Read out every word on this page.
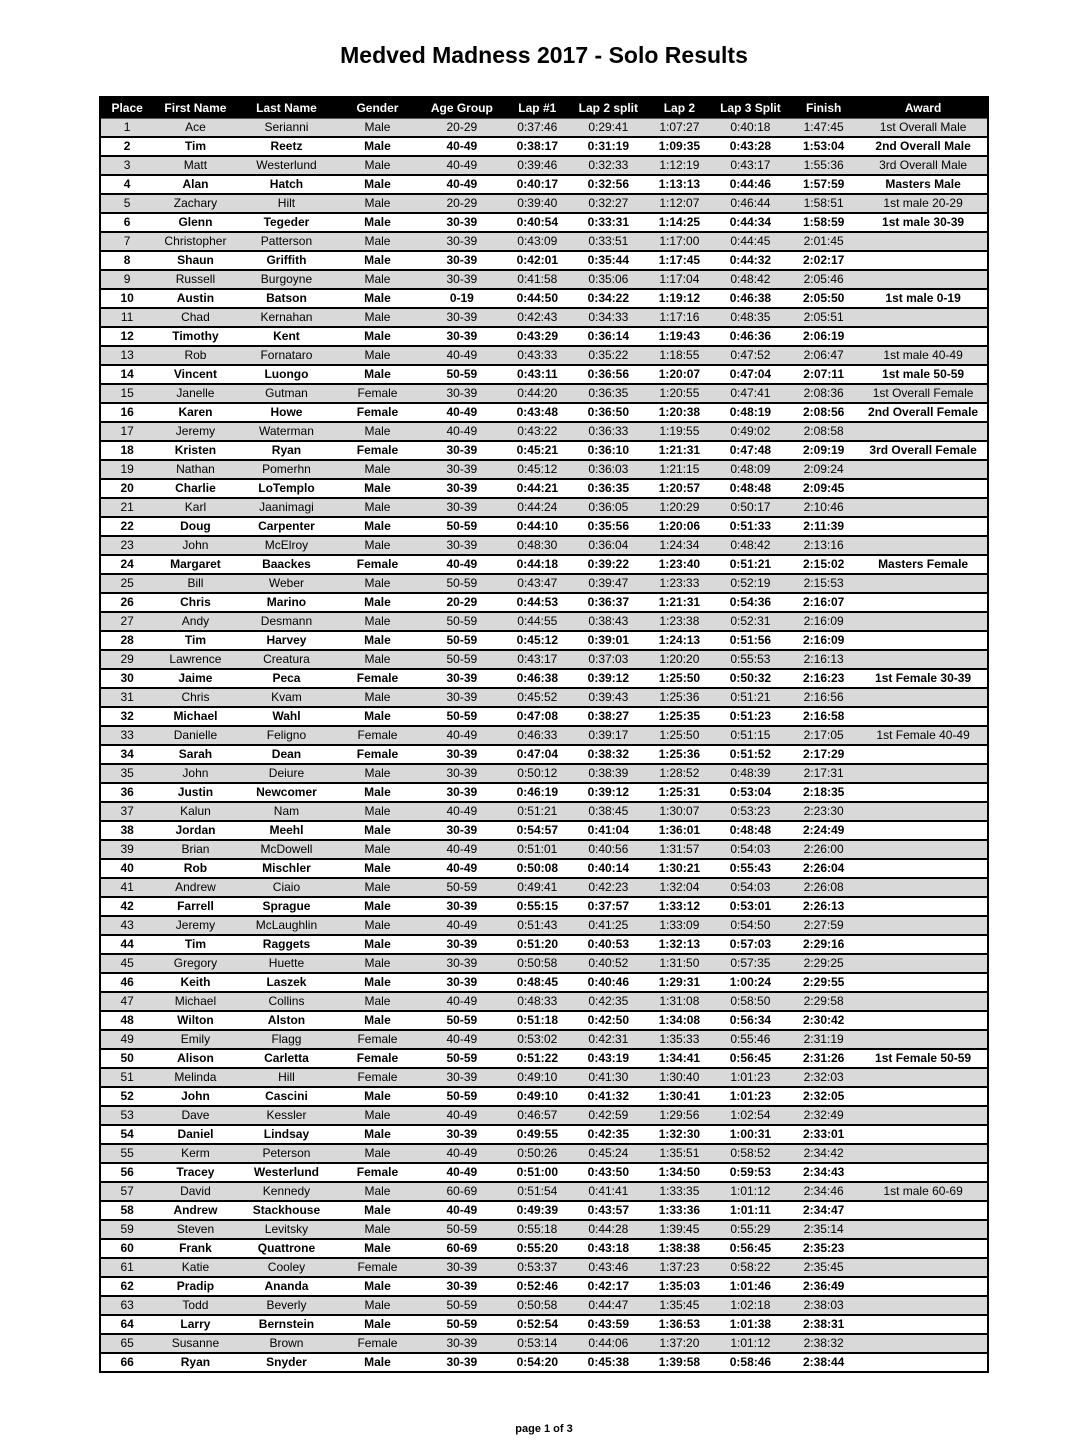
Medved Madness 2017 - Solo Results
Place	First Name	Last Name	Gender	Age Group	Lap #1	Lap 2 split	Lap 2	Lap 3 Split	Finish	Award
1	Ace	Serianni	Male	20-29	0:37:46	0:29:41	1:07:27	0:40:18	1:47:45	1st Overall Male
2	Tim	Reetz	Male	40-49	0:38:17	0:31:19	1:09:35	0:43:28	1:53:04	2nd Overall Male
3	Matt	Westerlund	Male	40-49	0:39:46	0:32:33	1:12:19	0:43:17	1:55:36	3rd Overall Male
4	Alan	Hatch	Male	40-49	0:40:17	0:32:56	1:13:13	0:44:46	1:57:59	Masters Male
5	Zachary	Hilt	Male	20-29	0:39:40	0:32:27	1:12:07	0:46:44	1:58:51	1st male 20-29
6	Glenn	Tegeder	Male	30-39	0:40:54	0:33:31	1:14:25	0:44:34	1:58:59	1st male 30-39
7	Christopher	Patterson	Male	30-39	0:43:09	0:33:51	1:17:00	0:44:45	2:01:45	
8	Shaun	Griffith	Male	30-39	0:42:01	0:35:44	1:17:45	0:44:32	2:02:17	
9	Russell	Burgoyne	Male	30-39	0:41:58	0:35:06	1:17:04	0:48:42	2:05:46	
10	Austin	Batson	Male	0-19	0:44:50	0:34:22	1:19:12	0:46:38	2:05:50	1st male 0-19
11	Chad	Kernahan	Male	30-39	0:42:43	0:34:33	1:17:16	0:48:35	2:05:51	
12	Timothy	Kent	Male	30-39	0:43:29	0:36:14	1:19:43	0:46:36	2:06:19	
13	Rob	Fornataro	Male	40-49	0:43:33	0:35:22	1:18:55	0:47:52	2:06:47	1st male 40-49
14	Vincent	Luongo	Male	50-59	0:43:11	0:36:56	1:20:07	0:47:04	2:07:11	1st male 50-59
15	Janelle	Gutman	Female	30-39	0:44:20	0:36:35	1:20:55	0:47:41	2:08:36	1st Overall Female
16	Karen	Howe	Female	40-49	0:43:48	0:36:50	1:20:38	0:48:19	2:08:56	2nd Overall Female
17	Jeremy	Waterman	Male	40-49	0:43:22	0:36:33	1:19:55	0:49:02	2:08:58	
18	Kristen	Ryan	Female	30-39	0:45:21	0:36:10	1:21:31	0:47:48	2:09:19	3rd Overall Female
19	Nathan	Pomerhn	Male	30-39	0:45:12	0:36:03	1:21:15	0:48:09	2:09:24	
20	Charlie	LoTemplo	Male	30-39	0:44:21	0:36:35	1:20:57	0:48:48	2:09:45	
21	Karl	Jaanimagi	Male	30-39	0:44:24	0:36:05	1:20:29	0:50:17	2:10:46	
22	Doug	Carpenter	Male	50-59	0:44:10	0:35:56	1:20:06	0:51:33	2:11:39	
23	John	McElroy	Male	30-39	0:48:30	0:36:04	1:24:34	0:48:42	2:13:16	
24	Margaret	Baackes	Female	40-49	0:44:18	0:39:22	1:23:40	0:51:21	2:15:02	Masters Female
25	Bill	Weber	Male	50-59	0:43:47	0:39:47	1:23:33	0:52:19	2:15:53	
26	Chris	Marino	Male	20-29	0:44:53	0:36:37	1:21:31	0:54:36	2:16:07	
27	Andy	Desmann	Male	50-59	0:44:55	0:38:43	1:23:38	0:52:31	2:16:09	
28	Tim	Harvey	Male	50-59	0:45:12	0:39:01	1:24:13	0:51:56	2:16:09	
29	Lawrence	Creatura	Male	50-59	0:43:17	0:37:03	1:20:20	0:55:53	2:16:13	
30	Jaime	Peca	Female	30-39	0:46:38	0:39:12	1:25:50	0:50:32	2:16:23	1st Female 30-39
31	Chris	Kvam	Male	30-39	0:45:52	0:39:43	1:25:36	0:51:21	2:16:56	
32	Michael	Wahl	Male	50-59	0:47:08	0:38:27	1:25:35	0:51:23	2:16:58	
33	Danielle	Feligno	Female	40-49	0:46:33	0:39:17	1:25:50	0:51:15	2:17:05	1st Female 40-49
34	Sarah	Dean	Female	30-39	0:47:04	0:38:32	1:25:36	0:51:52	2:17:29	
35	John	Deiure	Male	30-39	0:50:12	0:38:39	1:28:52	0:48:39	2:17:31	
36	Justin	Newcomer	Male	30-39	0:46:19	0:39:12	1:25:31	0:53:04	2:18:35	
37	Kalun	Nam	Male	40-49	0:51:21	0:38:45	1:30:07	0:53:23	2:23:30	
38	Jordan	Meehl	Male	30-39	0:54:57	0:41:04	1:36:01	0:48:48	2:24:49	
39	Brian	McDowell	Male	40-49	0:51:01	0:40:56	1:31:57	0:54:03	2:26:00	
40	Rob	Mischler	Male	40-49	0:50:08	0:40:14	1:30:21	0:55:43	2:26:04	
41	Andrew	Ciaio	Male	50-59	0:49:41	0:42:23	1:32:04	0:54:03	2:26:08	
42	Farrell	Sprague	Male	30-39	0:55:15	0:37:57	1:33:12	0:53:01	2:26:13	
43	Jeremy	McLaughlin	Male	40-49	0:51:43	0:41:25	1:33:09	0:54:50	2:27:59	
44	Tim	Raggets	Male	30-39	0:51:20	0:40:53	1:32:13	0:57:03	2:29:16	
45	Gregory	Huette	Male	30-39	0:50:58	0:40:52	1:31:50	0:57:35	2:29:25	
46	Keith	Laszek	Male	30-39	0:48:45	0:40:46	1:29:31	1:00:24	2:29:55	
47	Michael	Collins	Male	40-49	0:48:33	0:42:35	1:31:08	0:58:50	2:29:58	
48	Wilton	Alston	Male	50-59	0:51:18	0:42:50	1:34:08	0:56:34	2:30:42	
49	Emily	Flagg	Female	40-49	0:53:02	0:42:31	1:35:33	0:55:46	2:31:19	
50	Alison	Carletta	Female	50-59	0:51:22	0:43:19	1:34:41	0:56:45	2:31:26	1st Female 50-59
51	Melinda	Hill	Female	30-39	0:49:10	0:41:30	1:30:40	1:01:23	2:32:03	
52	John	Cascini	Male	50-59	0:49:10	0:41:32	1:30:41	1:01:23	2:32:05	
53	Dave	Kessler	Male	40-49	0:46:57	0:42:59	1:29:56	1:02:54	2:32:49	
54	Daniel	Lindsay	Male	30-39	0:49:55	0:42:35	1:32:30	1:00:31	2:33:01	
55	Kerm	Peterson	Male	40-49	0:50:26	0:45:24	1:35:51	0:58:52	2:34:42	
56	Tracey	Westerlund	Female	40-49	0:51:00	0:43:50	1:34:50	0:59:53	2:34:43	
57	David	Kennedy	Male	60-69	0:51:54	0:41:41	1:33:35	1:01:12	2:34:46	1st male 60-69
58	Andrew	Stackhouse	Male	40-49	0:49:39	0:43:57	1:33:36	1:01:11	2:34:47	
59	Steven	Levitsky	Male	50-59	0:55:18	0:44:28	1:39:45	0:55:29	2:35:14	
60	Frank	Quattrone	Male	60-69	0:55:20	0:43:18	1:38:38	0:56:45	2:35:23	
61	Katie	Cooley	Female	30-39	0:53:37	0:43:46	1:37:23	0:58:22	2:35:45	
62	Pradip	Ananda	Male	30-39	0:52:46	0:42:17	1:35:03	1:01:46	2:36:49	
63	Todd	Beverly	Male	50-59	0:50:58	0:44:47	1:35:45	1:02:18	2:38:03	
64	Larry	Bernstein	Male	50-59	0:52:54	0:43:59	1:36:53	1:01:38	2:38:31	
65	Susanne	Brown	Female	30-39	0:53:14	0:44:06	1:37:20	1:01:12	2:38:32	
66	Ryan	Snyder	Male	30-39	0:54:20	0:45:38	1:39:58	0:58:46	2:38:44	
page 1 of 3
